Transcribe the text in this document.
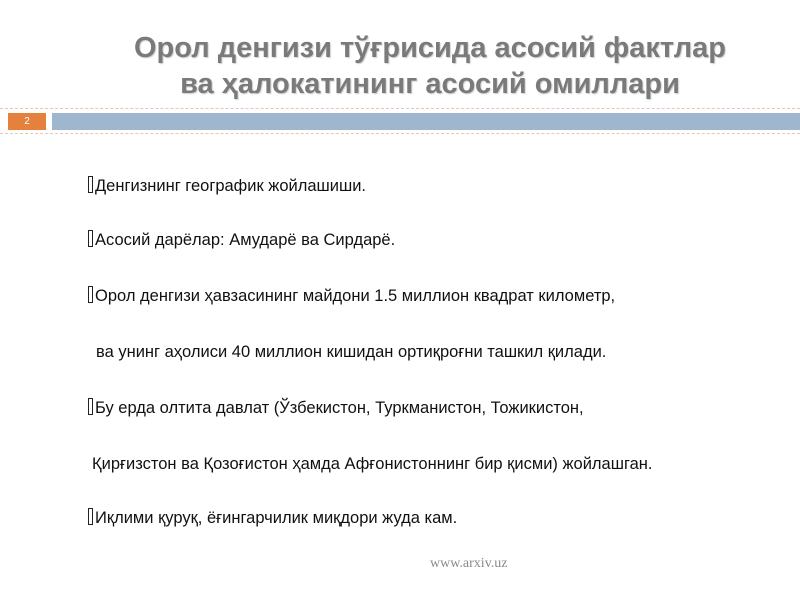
Орол денгизи тўғрисида асосий фактлар
ва ҳалокатининг асосий омиллари
2
Денгизнинг географик жойлашиши.
Асосий дарёлар: Амударё ва Сирдарё.
Орол денгизи ҳавзасининг майдони 1.5 миллион квадрат километр,
ва унинг аҳолиси 40 миллион кишидан ортиқроғни ташкил қилади.
Бу ерда олтита давлат (Ўзбекистон, Туркманистон, Тожикистон,
Қирғизстон ва Қозоғистон ҳамда Афғонистоннинг бир қисми) жойлашган.
Иқлими қуруқ, ёғингарчилик миқдори жуда кам.
www.arxiv.uz
